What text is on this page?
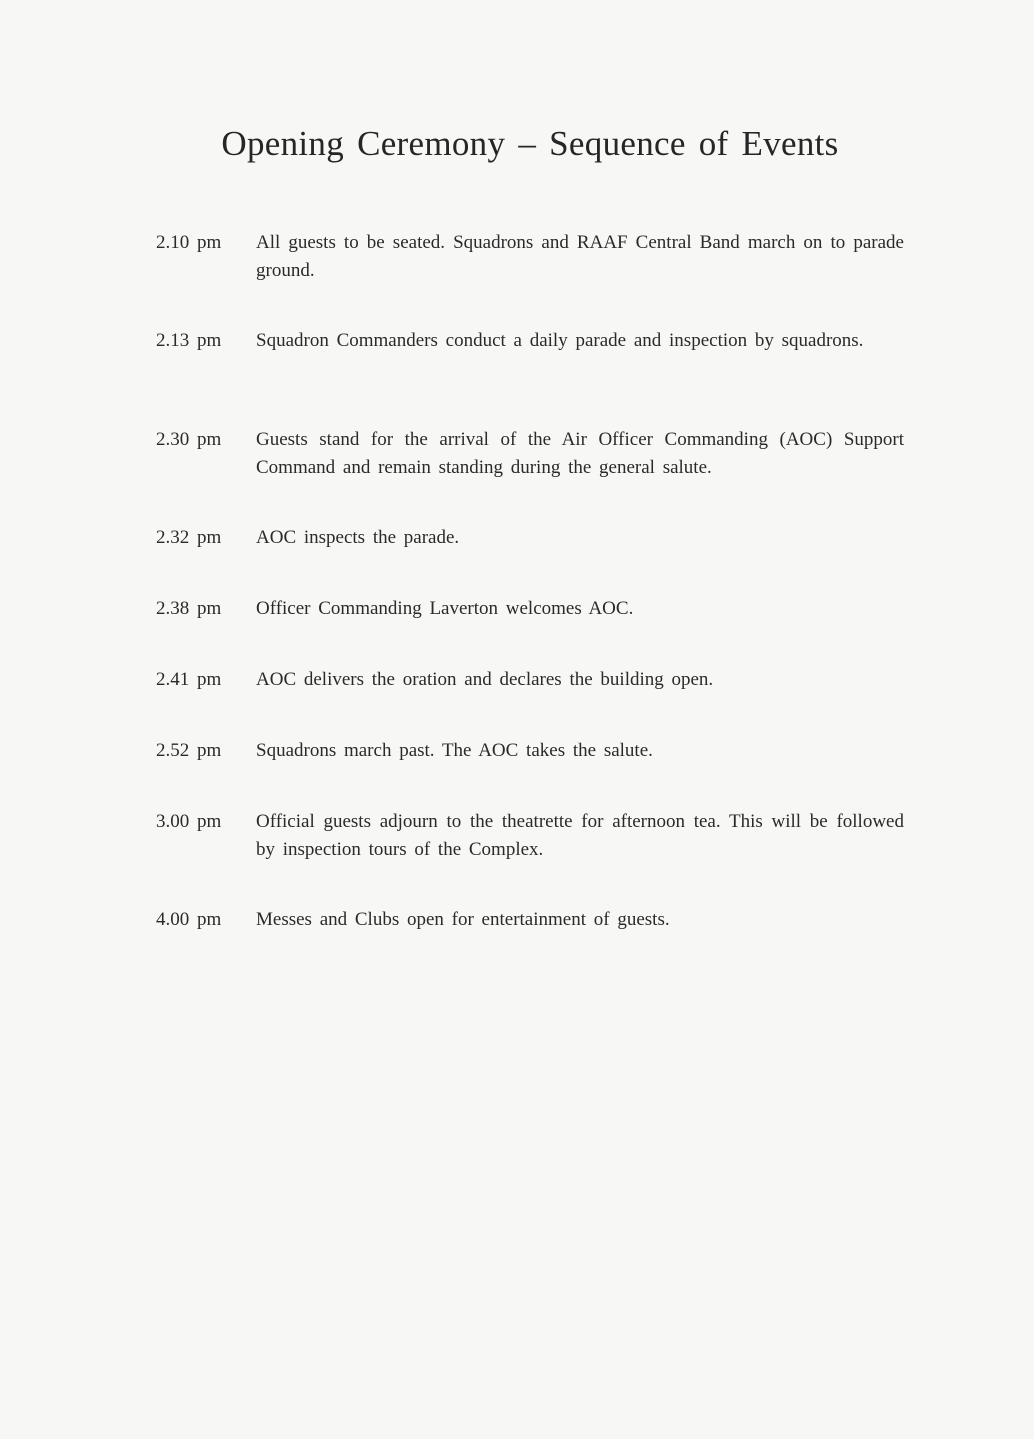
Opening Ceremony – Sequence of Events
2.10 pm	All guests to be seated. Squadrons and RAAF Central Band march on to parade ground.
2.13 pm	Squadron Commanders conduct a daily parade and inspection by squadrons.
2.30 pm	Guests stand for the arrival of the Air Officer Commanding (AOC) Support Command and remain standing during the general salute.
2.32 pm	AOC inspects the parade.
2.38 pm	Officer Commanding Laverton welcomes AOC.
2.41 pm	AOC delivers the oration and declares the building open.
2.52 pm	Squadrons march past. The AOC takes the salute.
3.00 pm	Official guests adjourn to the theatrette for afternoon tea. This will be followed by inspection tours of the Complex.
4.00 pm	Messes and Clubs open for entertainment of guests.
